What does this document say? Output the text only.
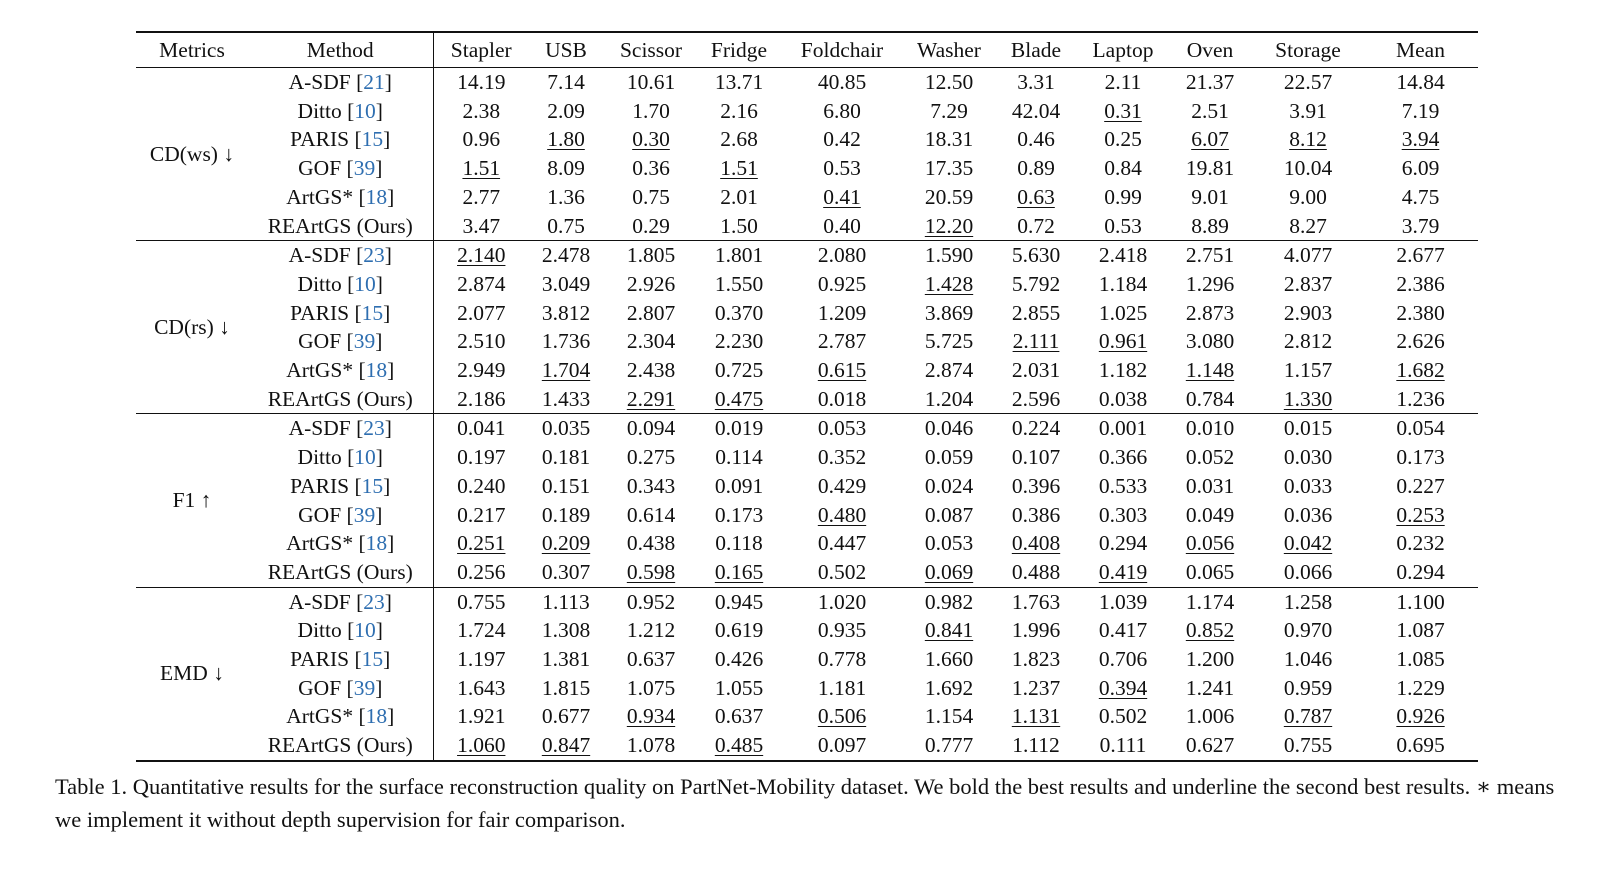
Metrics	Method	Stapler	USB	Scissor	Fridge	Foldchair	Washer	Blade	Laptop	Oven	Storage	Mean
CD(ws) ↓	A-SDF [21]	14.19	7.14	10.61	13.71	40.85	12.50	3.31	2.11	21.37	22.57	14.84
	Ditto [10]	2.38	2.09	1.70	2.16	6.80	7.29	42.04	0.31	2.51	3.91	7.19
	PARIS [15]	0.96	1.80	0.30	2.68	0.42	18.31	0.46	0.25	6.07	8.12	3.94
	GOF [39]	1.51	8.09	0.36	1.51	0.53	17.35	0.89	0.84	19.81	10.04	6.09
	ArtGS* [18]	2.77	1.36	0.75	2.01	0.41	20.59	0.63	0.99	9.01	9.00	4.75
	REArtGS (Ours)	3.47	0.75	0.29	1.50	0.40	12.20	0.72	0.53	8.89	8.27	3.79
CD(rs) ↓	A-SDF [23]	2.140	2.478	1.805	1.801	2.080	1.590	5.630	2.418	2.751	4.077	2.677
	Ditto [10]	2.874	3.049	2.926	1.550	0.925	1.428	5.792	1.184	1.296	2.837	2.386
	PARIS [15]	2.077	3.812	2.807	0.370	1.209	3.869	2.855	1.025	2.873	2.903	2.380
	GOF [39]	2.510	1.736	2.304	2.230	2.787	5.725	2.111	0.961	3.080	2.812	2.626
	ArtGS* [18]	2.949	1.704	2.438	0.725	0.615	2.874	2.031	1.182	1.148	1.157	1.682
	REArtGS (Ours)	2.186	1.433	2.291	0.475	0.018	1.204	2.596	0.038	0.784	1.330	1.236
F1 ↑	A-SDF [23]	0.041	0.035	0.094	0.019	0.053	0.046	0.224	0.001	0.010	0.015	0.054
	Ditto [10]	0.197	0.181	0.275	0.114	0.352	0.059	0.107	0.366	0.052	0.030	0.173
	PARIS [15]	0.240	0.151	0.343	0.091	0.429	0.024	0.396	0.533	0.031	0.033	0.227
	GOF [39]	0.217	0.189	0.614	0.173	0.480	0.087	0.386	0.303	0.049	0.036	0.253
	ArtGS* [18]	0.251	0.209	0.438	0.118	0.447	0.053	0.408	0.294	0.056	0.042	0.232
	REArtGS (Ours)	0.256	0.307	0.598	0.165	0.502	0.069	0.488	0.419	0.065	0.066	0.294
EMD ↓	A-SDF [23]	0.755	1.113	0.952	0.945	1.020	0.982	1.763	1.039	1.174	1.258	1.100
	Ditto [10]	1.724	1.308	1.212	0.619	0.935	0.841	1.996	0.417	0.852	0.970	1.087
	PARIS [15]	1.197	1.381	0.637	0.426	0.778	1.660	1.823	0.706	1.200	1.046	1.085
	GOF [39]	1.643	1.815	1.075	1.055	1.181	1.692	1.237	0.394	1.241	0.959	1.229
	ArtGS* [18]	1.921	0.677	0.934	0.637	0.506	1.154	1.131	0.502	1.006	0.787	0.926
	REArtGS (Ours)	1.060	0.847	1.078	0.485	0.097	0.777	1.112	0.111	0.627	0.755	0.695
Table 1. Quantitative results for the surface reconstruction quality on PartNet-Mobility dataset. We bold the best results and underline the second best results. ∗ means we implement it without depth supervision for fair comparison.
